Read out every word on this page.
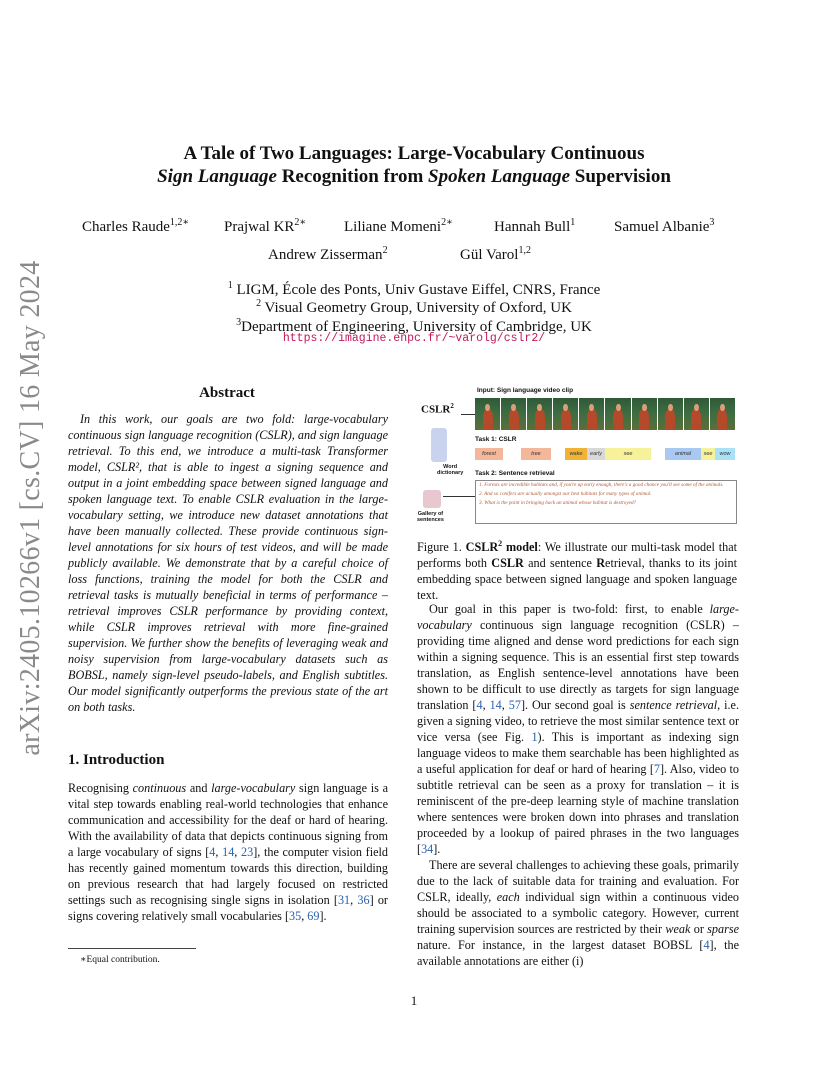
arXiv:2405.10266v1 [cs.CV] 16 May 2024
A Tale of Two Languages: Large-Vocabulary Continuous
Sign Language Recognition from Spoken Language Supervision
Charles Raude$^{1,2∗}$ Prajwal $KR^{2∗}$	Liliane Momeni$^{2∗}$	Hannah Bull$^1$	Samuel Albanie$^3$
Andrew Zisserman$^2$	Gül Varol$^{1,2}$
$^1$ LIGM, École des Ponts, Univ Gustave Eiffel, CNRS, France
$^2$ Visual Geometry Group, University of Oxford, UK
$^3$Department of Engineering, University of Cambridge, UK
https://imagine.enpc.fr/~varolg/cslr2/
Abstract
In this work, our goals are two fold: large-vocabulary continuous sign language recognition (CSLR), and sign language retrieval. To this end, we introduce a multi-task Transformer model, CSLR², that is able to ingest a signing sequence and output in a joint embedding space between signed language and spoken language text. To enable CSLR evaluation in the large-vocabulary setting, we introduce new dataset annotations that have been manually collected. These provide continuous sign-level annotations for six hours of test videos, and will be made publicly available. We demonstrate that by a careful choice of loss functions, training the model for both the CSLR and retrieval tasks is mutually beneficial in terms of performance – retrieval improves CSLR performance by providing context, while CSLR improves retrieval with more fine-grained supervision. We further show the benefits of leveraging weak and noisy supervision from large-vocabulary datasets such as BOBSL, namely sign-level pseudo-labels, and English subtitles. Our model significantly outperforms the previous state of the art on both tasks.
1. Introduction
Recognising continuous and large-vocabulary sign language is a vital step towards enabling real-world technologies that enhance communication and accessibility for the deaf or hard of hearing. With the availability of data that depicts continuous signing from a large vocabulary of signs [4, 14, 23], the computer vision field has recently gained momentum towards this direction, building on previous research that had largely focused on restricted settings such as recognising single signs in isolation [31, 36] or signs covering relatively small vocabularies [35, 69].
∗Equal contribution.
1
Input: Sign language video clip
CSLR$^2$
Task 1: CSLR
forest	tree	wake	early	see	animal	see	wow
Word
dictionary Task 2: Sentence retrieval
Gallery of
sentences
1. Forests are incredible habitats and, if you're up early enough, there's a good chance you'll see some of the animals.
2. And so conifers are actually amongst our best habitats for many types of animal.
3. What is the point in bringing back an animal whose habitat is destroyed?
Figure 1. CSLR$^2$ model: We illustrate our multi-task model that performs both CSLR and sentence Retrieval, thanks to its joint embedding space between signed language and spoken language text.
Our goal in this paper is two-fold: first, to enable large-vocabulary continuous sign language recognition (CSLR) – providing time aligned and dense word predictions for each sign within a signing sequence. This is an essential first step towards translation, as English sentence-level annotations have been shown to be difficult to use directly as targets for sign language translation [4, 14, 57]. Our second goal is sentence retrieval, i.e. given a signing video, to retrieve the most similar sentence text or vice versa (see Fig. 1). This is important as indexing sign language videos to make them searchable has been highlighted as a useful application for deaf or hard of hearing [7]. Also, video to subtitle retrieval can be seen as a proxy for translation – it is reminiscent of the pre-deep learning style of machine translation where sentences were broken down into phrases and translation proceeded by a lookup of paired phrases in the two languages [34].
There are several challenges to achieving these goals, primarily due to the lack of suitable data for training and evaluation. For CSLR, ideally, each individual sign within a continuous video should be associated to a symbolic category. However, current training supervision sources are restricted by their weak or sparse nature. For instance, in the largest dataset BOBSL [4], the available annotations are either (i)
